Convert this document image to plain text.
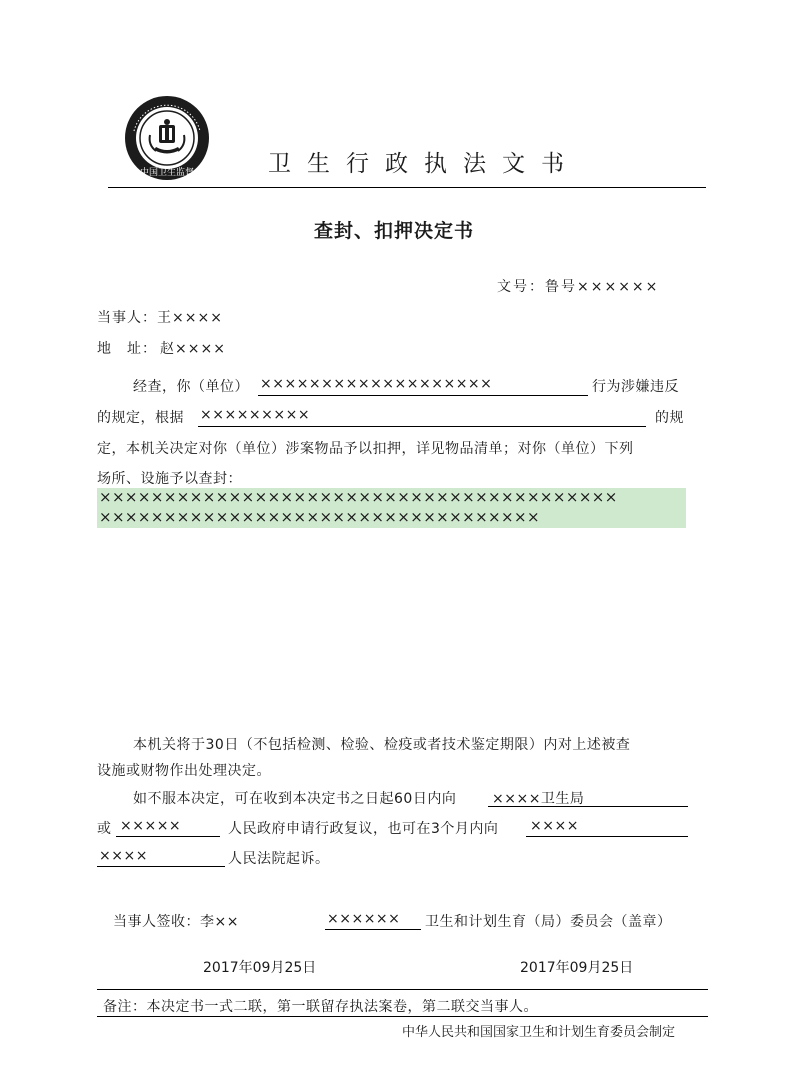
中国卫生监督	卫生行政执法文书
查封、扣押决定书
文号：鲁号××××××
当事人：王××××
地　址： 赵××××
经查，你（单位） ×××××××××××××××××××	行为涉嫌违反
的规定，根据 ×××××××××	的规
定，本机关决定对你（单位）涉案物品予以扣押，详见物品清单；对你（单位）下列
场所、设施予以查封：
××××××××××××××××××××××××××××××××××××××××
××××××××××××××××××××××××××××××××××
本机关将于30日（不包括检测、检验、检疫或者技术鉴定期限）内对上述被查
设施或财物作出处理决定。
如不服本决定，可在收到本决定书之日起60日内向	××××卫生局
或 ×××××	人民政府申请行政复议，也可在3个月内向 ××××
××××	人民法院起诉。
当事人签收：李××	×××××× 卫生和计划生育（局）委员会（盖章）
2017年09月25日	2017年09月25日
备注：本决定书一式二联，第一联留存执法案卷，第二联交当事人。
中华人民共和国国家卫生和计划生育委员会制定
